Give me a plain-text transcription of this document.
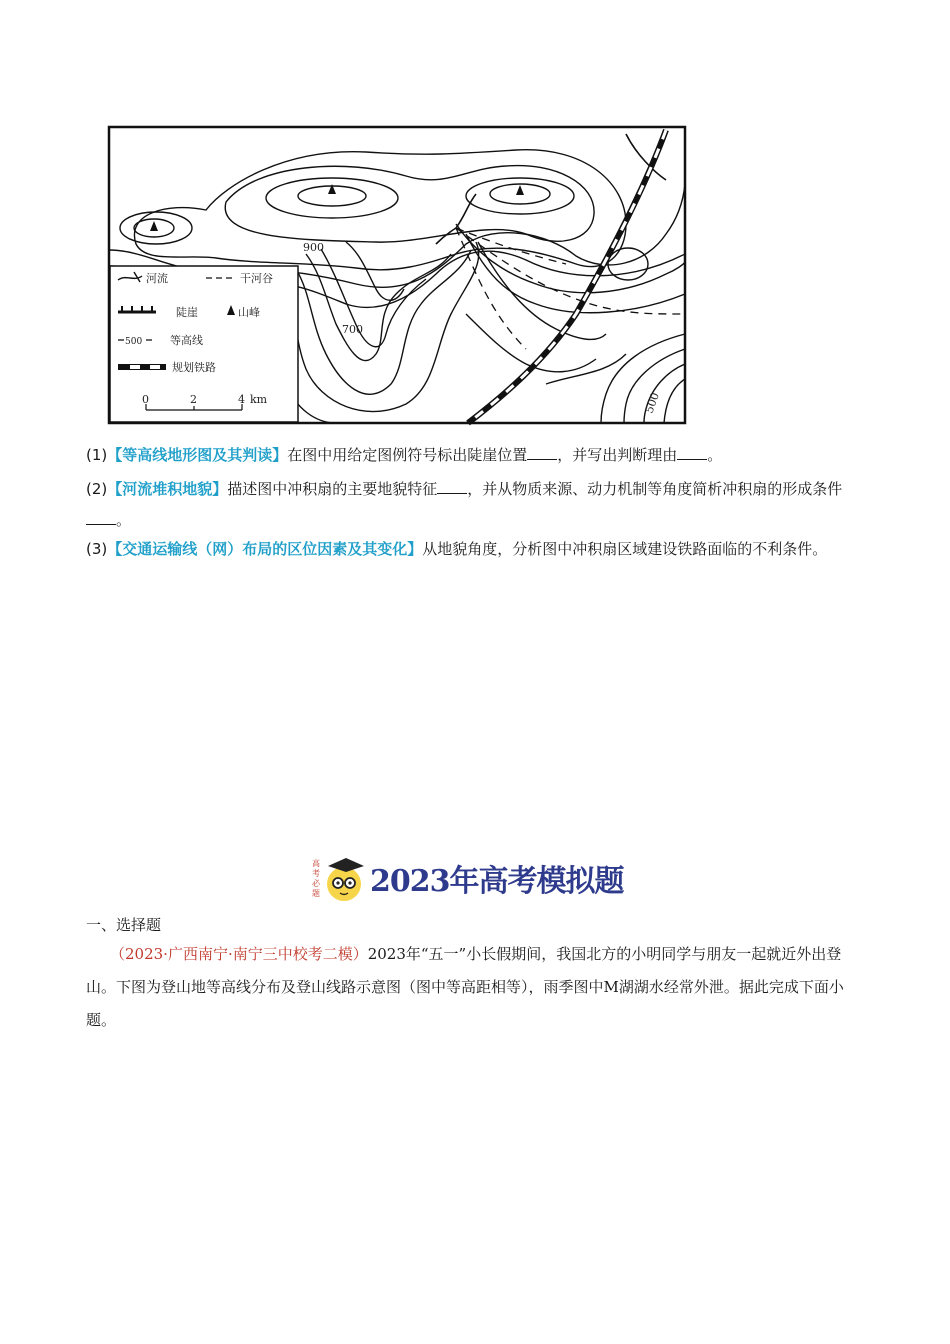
900
700
500
河流	干河谷
陡崖	山峰
500	等高线
规划铁路
0	2	4 km
(1)【等高线地形图及其判读】在图中用给定图例符号标出陡崖位置 ，并写出判断理由 。
(2)【河流堆积地貌】描述图中冲积扇的主要地貌特征 ，并从物质来源、动力机制等角度简析冲积扇的形成条件。
(3)【交通运输线（网）布局的区位因素及其变化】从地貌角度，分析图中冲积扇区域建设铁路面临的不利条件。
高
考
必
题 2023年高考模拟题
一、选择题
（2023·广西南宁·南宁三中校考二模）2023年“五一”小长假期间，我国北方的小明同学与朋友一起就近外出登山。下图为登山地等高线分布及登山线路示意图（图中等高距相等），雨季图中M湖湖水经常外泄。据此完成下面小题。
